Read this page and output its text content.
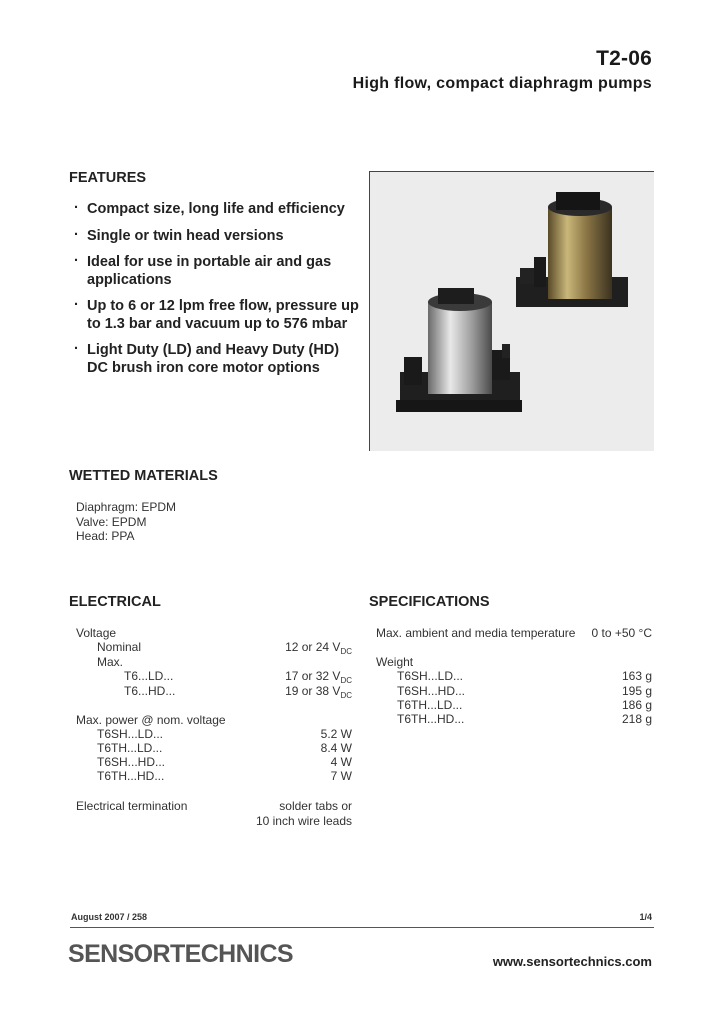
T2-06
High flow, compact diaphragm pumps
FEATURES
· Compact size, long life and efficiency
· Single or twin head versions
· Ideal for use in portable air and gas applications
· Up to 6 or 12 lpm free flow, pressure up to 1.3 bar and vacuum up to 576 mbar
· Light Duty (LD) and Heavy Duty (HD) DC brush iron core motor options
WETTED MATERIALS
Diaphragm: EPDM
Valve: EPDM
Head: PPA
ELECTRICAL
Voltage
Nominal	12 or 24 $V_{DC}$
Max.
T6...LD...	17 or 32 $V_{DC}$
T6...HD...	19 or 38 $V_{DC}$
Max. power @ nom. voltage
T6SH...LD...	5.2 W
T6TH...LD...	8.4 W
T6SH...HD...	4 W
T6TH...HD...	7 W
Electrical termination	solder tabs or
10 inch wire leads
SPECIFICATIONS
Max. ambient and media temperature 0 to +50 °C
Weight
T6SH...LD...	163 g
T6SH...HD...	195 g
T6TH...LD...	186 g
T6TH...HD...	218 g
August 2007 / 258	1/4
SENSORTECHNICS	www.sensortechnics.com
